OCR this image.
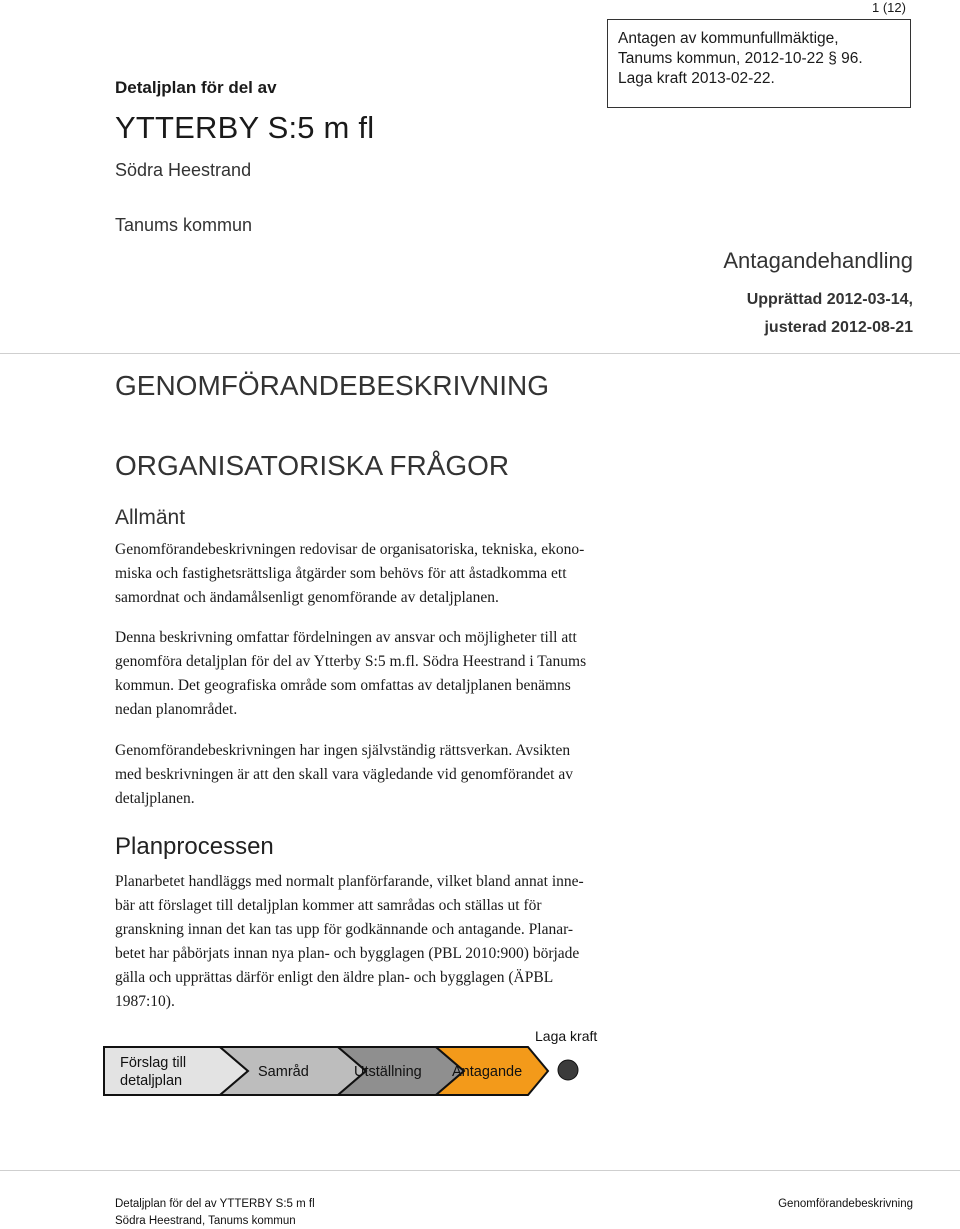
1 (12)
Antagen av kommunfullmäktige,
Tanums kommun, 2012-10-22 § 96.
Laga kraft 2013-02-22.
Detaljplan för del av
YTTERBY S:5 m fl
Södra Heestrand
Tanums kommun
Antagandehandling
Upprättad 2012-03-14,
justerad 2012-08-21
GENOMFÖRANDEBESKRIVNING
ORGANISATORISKA FRÅGOR
Allmänt
Genomförandebeskrivningen redovisar de organisatoriska, tekniska, ekono-
miska och fastighetsrättsliga åtgärder som behövs för att åstadkomma ett
samordnat och ändamålsenligt genomförande av detaljplanen.
Denna beskrivning omfattar fördelningen av ansvar och möjligheter till att
genomföra detaljplan för del av Ytterby S:5 m.fl. Södra Heestrand i Tanums
kommun. Det geografiska område som omfattas av detaljplanen benämns
nedan planområdet.
Genomförandebeskrivningen har ingen självständig rättsverkan. Avsikten
med beskrivningen är att den skall vara vägledande vid genomförandet av
detaljplanen.
Planprocessen
Planarbetet handläggs med normalt planförfarande, vilket bland annat inne-
bär att förslaget till detaljplan kommer att samrådas och ställas ut för
granskning innan det kan tas upp för godkännande och antagande. Planar-
betet har påbörjats innan nya plan- och bygglagen (PBL 2010:900) började
gälla och upprättas därför enligt den äldre plan- och bygglagen (ÄPBL
1987:10).
Laga kraft
Förslag till
detaljplan
Samråd	Utställning Antagande
Detaljplan för del av YTTERBY S:5 m fl
Södra Heestrand, Tanums kommun
Genomförandebeskrivning
